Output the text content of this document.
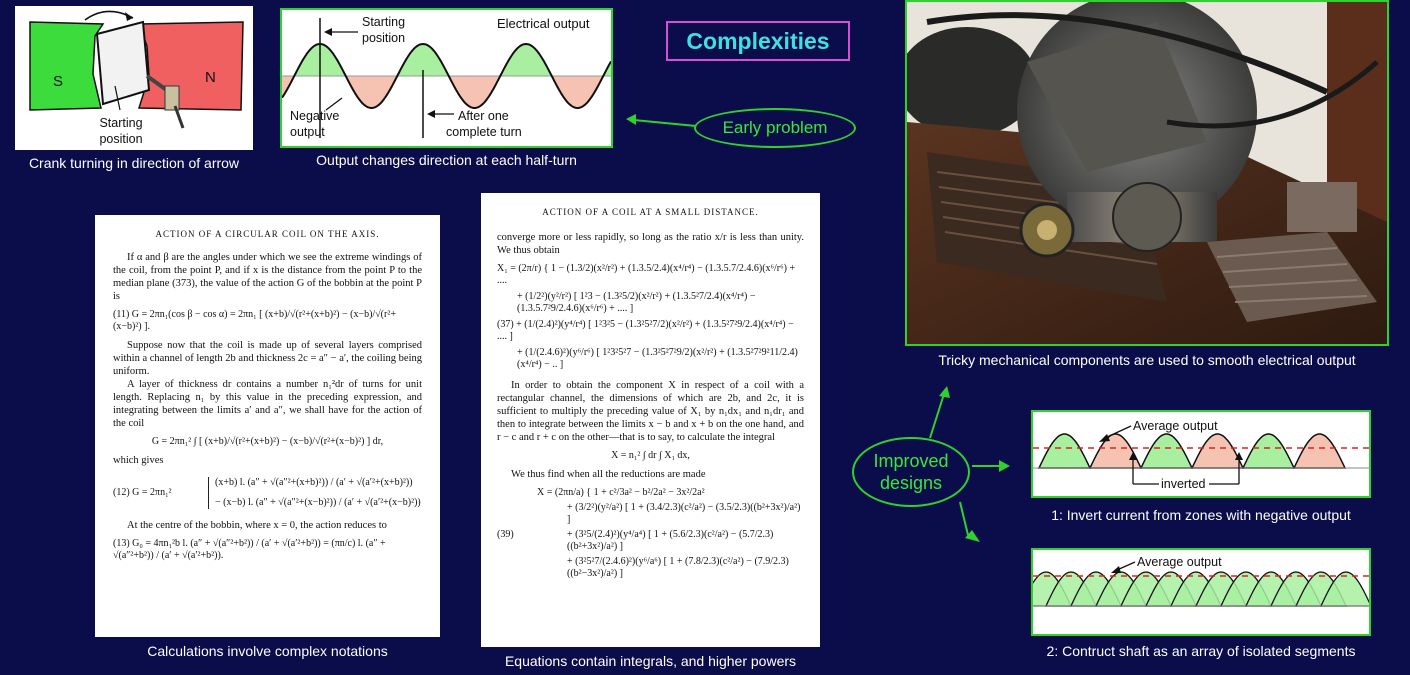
Complexities
S	N
Starting
position
Crank turning in direction of arrow
Starting
position
Electrical output
Negative
output
After one
complete turn
Output changes direction at each half-turn
Early problem
Tricky mechanical components are used to smooth electrical output
Improved
designs
Average output
inverted
1: Invert current from zones with negative output
Average output
2: Contruct shaft as an array of isolated segments
ACTION OF A CIRCULAR COIL ON THE AXIS.

If α and β are the angles under which we see the extreme windings of the coil, from the point P, and if x is the distance from the point P to the median plane (373), the value of the action G of the bobbin at the point P is

(11) G = 2πn₁(cos β − cos α) = 2πn₁ [ (x+b)/√(r²+(x+b)²) − (x−b)/√(r²+(x−b)²) ].

Suppose now that the coil is made up of several layers comprised within a channel of length 2b and thickness 2c = a″ − a′, the coiling being uniform.

A layer of thickness dr contains a number n₁²dr of turns for unit length. Replacing n₁ by this value in the preceding expression, and integrating between the limits a′ and a″, we shall have for the action of the coil

G = 2πn₁² ∫ [ (x+b)/√(r²+(x+b)²) − (x−b)/√(r²+(x−b)²) ] dr,

which gives

(12) G = 2πn₁²
(x+b) l. (a″ + √(a″²+(x+b)²)) / (a′ + √(a′²+(x+b)²))
− (x−b) l. (a″ + √(a″²+(x−b)²)) / (a′ + √(a′²+(x−b)²))

At the centre of the bobbin, where x = 0, the action reduces to

(13) G₀ = 4πn₁²b l. (a″ + √(a″²+b²)) / (a′ + √(a′²+b²)) = (πn/c) l. (a″ + √(a″²+b²)) / (a′ + √(a′²+b²)).
Calculations involve complex notations
ACTION OF A COIL AT A SMALL DISTANCE.

converge more or less rapidly, so long as the ratio x/r is less than unity. We thus obtain

X₁ = (2π/r) { 1 − (1.3/2)(x²/r²) + (1.3.5/2.4)(x⁴/r⁴) − (1.3.5.7/2.4.6)(x⁶/r⁶) + ....
+ (1/2²)(y²/r²) [ 1²3 − (1.3²5/2)(x²/r²) + (1.3.5²7/2.4)(x⁴/r⁴) − (1.3.5.7²9/2.4.6)(x⁶/r⁶) + .... ]
(37) + (1/(2.4)²)(y⁴/r⁴) [ 1²3²5 − (1.3²5²7/2)(x²/r²) + (1.3.5²7²9/2.4)(x⁴/r⁴) − .... ]
+ (1/(2.4.6)²)(y⁶/r⁶) [ 1²3²5²7 − (1.3²5²7²9/2)(x²/r²) + (1.3.5²7²9²11/2.4)(x⁴/r⁴) − .. ]

In order to obtain the component X in respect of a coil with a rectangular channel, the dimensions of which are 2b, and 2c, it is sufficient to multiply the preceding value of X₁ by n₁dx₁ and n₁dr₁ and then to integrate between the limits x − b and x + b on the one hand, and r − c and r + c on the other—that is to say, to calculate the integral

X = n₁² ∫ dr ∫ X₁ dx,

We thus find when all the reductions are made

X = (2πn/a) { 1 + c²/3a² − b²/2a² − 3x²/2a²
+ (3/2²)(y²/a²) [ 1 + (3.4/2.3)(c²/a²) − (3.5/2.3)((b²+3x²)/a²) ]
(39)	+ (3²5/(2.4)²)(y⁴/a⁴) [ 1 + (5.6/2.3)(c²/a²) − (5.7/2.3)((b²+3x²)/a²) ]
+ (3²5²7/(2.4.6)²)(y⁶/a⁶) [ 1 + (7.8/2.3)(c²/a²) − (7.9/2.3)((b²−3x²)/a²) ]
Equations contain integrals, and higher powers
